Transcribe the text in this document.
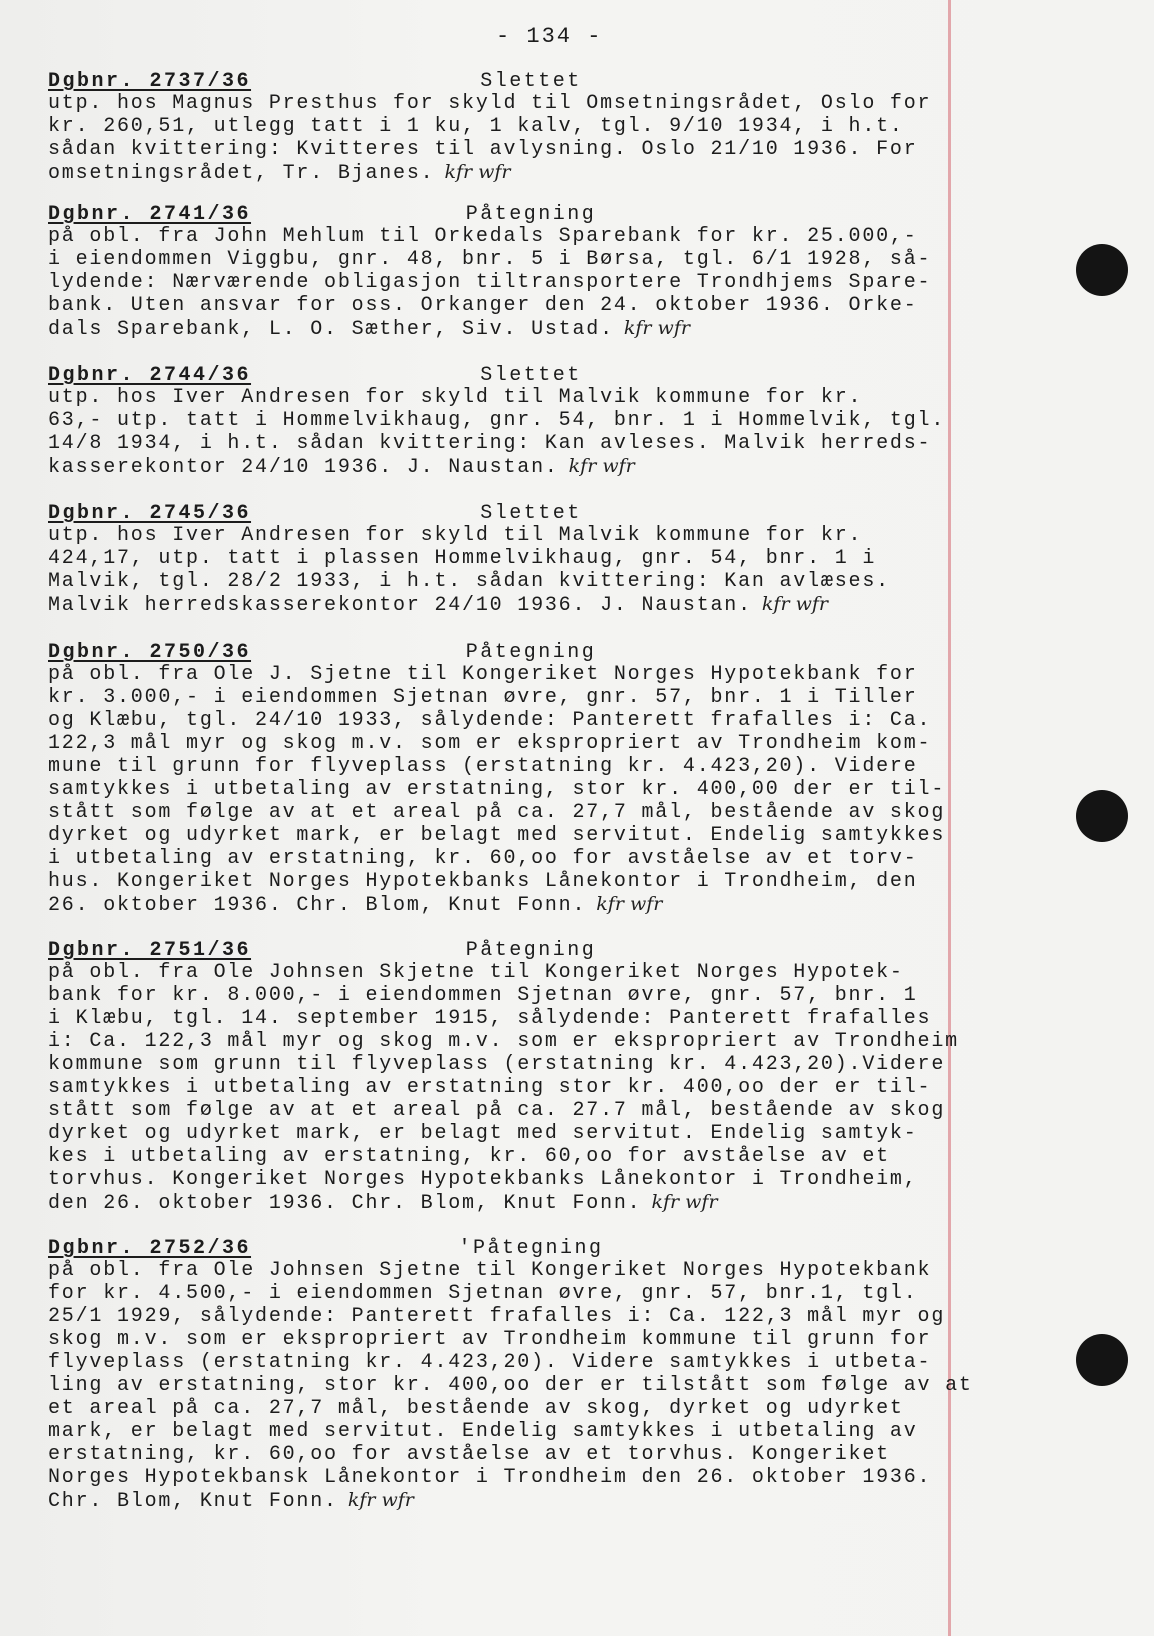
- 134 -
Slettet
Dgbnr. 2737/36
utp. hos Magnus Presthus for skyld til Omsetningsrådet, Oslo for
kr. 260,51, utlegg tatt i 1 ku, 1 kalv, tgl. 9/10 1934, i h.t.
sådan kvittering: Kvitteres til avlysning. Oslo 21/10 1936. For
omsetningsrådet, Tr. Bjanes. kfr wfr
Påtegning
Dgbnr. 2741/36
på obl. fra John Mehlum til Orkedals Sparebank for kr. 25.000,-
i eiendommen Viggbu, gnr. 48, bnr. 5 i Børsa, tgl. 6/1 1928, så-
lydende: Nærværende obligasjon tiltransportere Trondhjems Spare-
bank. Uten ansvar for oss. Orkanger den 24. oktober 1936. Orke-
dals Sparebank, L. O. Sæther, Siv. Ustad. kfr wfr
Slettet
Dgbnr. 2744/36
utp. hos Iver Andresen for skyld til Malvik kommune for kr.
63,- utp. tatt i Hommelvikhaug, gnr. 54, bnr. 1 i Hommelvik, tgl.
14/8 1934, i h.t. sådan kvittering: Kan avleses. Malvik herreds-
kasserekontor 24/10 1936. J. Naustan. kfr wfr
Slettet
Dgbnr. 2745/36
utp. hos Iver Andresen for skyld til Malvik kommune for kr.
424,17, utp. tatt i plassen Hommelvikhaug, gnr. 54, bnr. 1 i
Malvik, tgl. 28/2 1933, i h.t. sådan kvittering: Kan avlæses.
Malvik herredskasserekontor 24/10 1936. J. Naustan. kfr wfr
Påtegning
Dgbnr. 2750/36
på obl. fra Ole J. Sjetne til Kongeriket Norges Hypotekbank for
kr. 3.000,- i eiendommen Sjetnan øvre, gnr. 57, bnr. 1 i Tiller
og Klæbu, tgl. 24/10 1933, sålydende: Panterett frafalles i: Ca.
122,3 mål myr og skog m.v. som er ekspropriert av Trondheim kom-
mune til grunn for flyveplass (erstatning kr. 4.423,20). Videre
samtykkes i utbetaling av erstatning, stor kr. 400,00 der er til-
stått som følge av at et areal på ca. 27,7 mål, bestående av skog
dyrket og udyrket mark, er belagt med servitut. Endelig samtykkes
i utbetaling av erstatning, kr. 60,oo for avståelse av et torv-
hus. Kongeriket Norges Hypotekbanks Lånekontor i Trondheim, den
26. oktober 1936. Chr. Blom, Knut Fonn. kfr wfr
Påtegning
Dgbnr. 2751/36
på obl. fra Ole Johnsen Skjetne til Kongeriket Norges Hypotek-
bank for kr. 8.000,- i eiendommen Sjetnan øvre, gnr. 57, bnr. 1
i Klæbu, tgl. 14. september 1915, sålydende: Panterett frafalles
i: Ca. 122,3 mål myr og skog m.v. som er ekspropriert av Trondheim
kommune som grunn til flyveplass (erstatning kr. 4.423,20).Videre
samtykkes i utbetaling av erstatning stor kr. 400,oo der er til-
stått som følge av at et areal på ca. 27.7 mål, bestående av skog
dyrket og udyrket mark, er belagt med servitut. Endelig samtyk-
kes i utbetaling av erstatning, kr. 60,oo for avståelse av et
torvhus. Kongeriket Norges Hypotekbanks Lånekontor i Trondheim,
den 26. oktober 1936. Chr. Blom, Knut Fonn. kfr wfr
'Påtegning
Dgbnr. 2752/36
på obl. fra Ole Johnsen Sjetne til Kongeriket Norges Hypotekbank
for kr. 4.500,- i eiendommen Sjetnan øvre, gnr. 57, bnr.1, tgl.
25/1 1929, sålydende: Panterett frafalles i: Ca. 122,3 mål myr og
skog m.v. som er ekspropriert av Trondheim kommune til grunn for
flyveplass (erstatning kr. 4.423,20). Videre samtykkes i utbeta-
ling av erstatning, stor kr. 400,oo der er tilstått som følge av at
et areal på ca. 27,7 mål, bestående av skog, dyrket og udyrket
mark, er belagt med servitut. Endelig samtykkes i utbetaling av
erstatning, kr. 60,oo for avståelse av et torvhus. Kongeriket
Norges Hypotekbansk Lånekontor i Trondheim den 26. oktober 1936.
Chr. Blom, Knut Fonn. kfr wfr
